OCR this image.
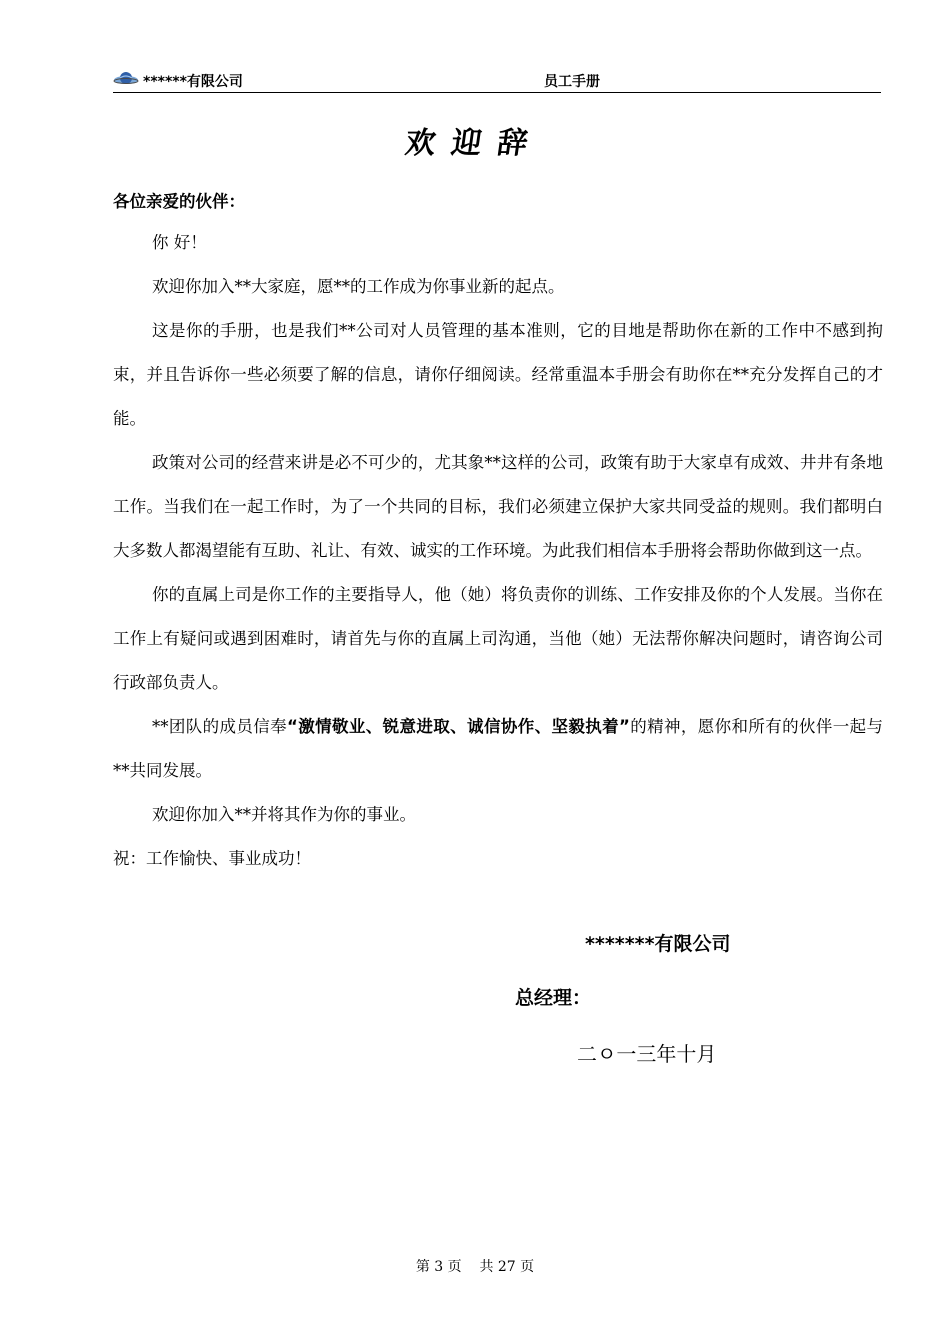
******有限公司	员工手册
欢迎辞
各位亲爱的伙伴：

你 好！

欢迎你加入**大家庭，愿**的工作成为你事业新的起点。

这是你的手册，也是我们**公司对人员管理的基本准则，它的目地是帮助你在新的工作中不感到拘束，并且告诉你一些必须要了解的信息，请你仔细阅读。经常重温本手册会有助你在**充分发挥自己的才能。

政策对公司的经营来讲是必不可少的，尤其象**这样的公司，政策有助于大家卓有成效、井井有条地工作。当我们在一起工作时，为了一个共同的目标，我们必须建立保护大家共同受益的规则。我们都明白大多数人都渴望能有互助、礼让、有效、诚实的工作环境。为此我们相信本手册将会帮助你做到这一点。

你的直属上司是你工作的主要指导人，他（她）将负责你的训练、工作安排及你的个人发展。当你在工作上有疑问或遇到困难时，请首先与你的直属上司沟通，当他（她）无法帮你解决问题时，请咨询公司行政部负责人。

**团队的成员信奉“激情敬业、锐意进取、诚信协作、坚毅执着”的精神，愿你和所有的伙伴一起与**共同发展。

欢迎你加入**并将其作为你的事业。

祝：工作愉快、事业成功！

*******有限公司
总经理：
二ㅇ一三年十月
第 3 页 共 27 页
